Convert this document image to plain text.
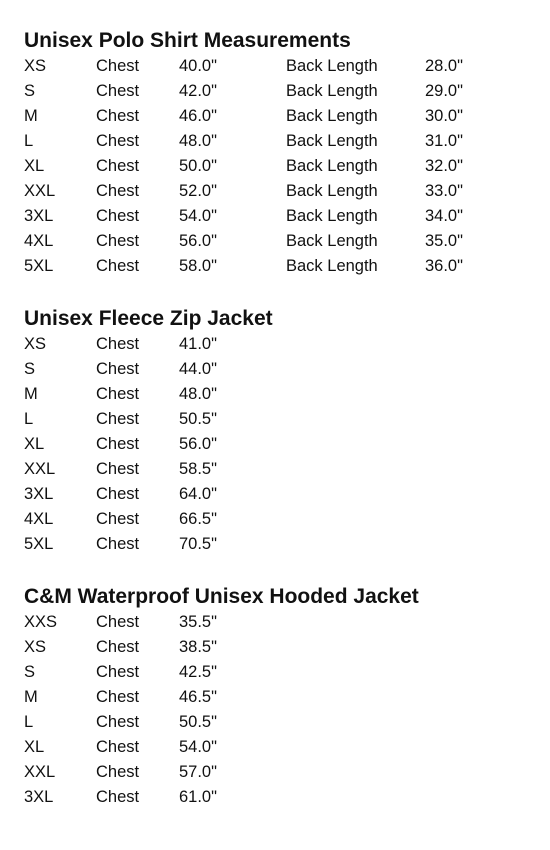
Unisex Polo Shirt Measurements
XS	Chest 40.0"	Back Length	28.0"
S	Chest 42.0"	Back Length	29.0"
M	Chest 46.0"	Back Length	30.0"
L	Chest 48.0"	Back Length	31.0"
XL	Chest 50.0"	Back Length	32.0"
XXL Chest 52.0"	Back Length	33.0"
3XL	Chest 54.0"	Back Length	34.0"
4XL	Chest 56.0"	Back Length	35.0"
5XL	Chest 58.0"	Back Length	36.0"
Unisex Fleece Zip Jacket
XS	Chest 41.0"
S	Chest 44.0"
M	Chest 48.0"
L	Chest 50.5"
XL	Chest 56.0"
XXL Chest 58.5"
3XL	Chest 64.0"
4XL	Chest 66.5"
5XL	Chest 70.5"
C&M Waterproof Unisex Hooded Jacket
XXS Chest 35.5"
XS	Chest 38.5"
S	Chest 42.5"
M	Chest 46.5"
L	Chest 50.5"
XL	Chest 54.0"
XXL Chest 57.0"
3XL	Chest 61.0"
